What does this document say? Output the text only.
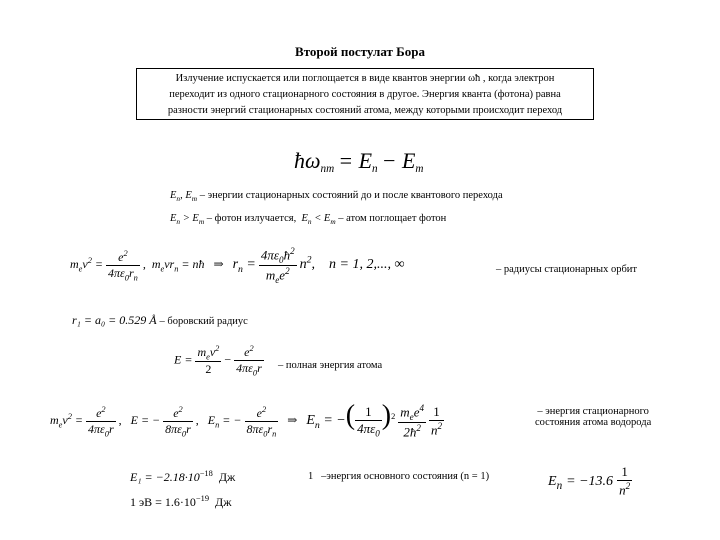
Второй постулат Бора
Излучение испускается или поглощается в виде квантов энергии ωħ , когда электрон
переходит из одного стационарного состояния в другое. Энергия кванта (фотона) равна
разности энергий стационарных состояний атома, между которыми происходит переход
$ħ\omega_{nm} = E_n - E_m$
$E_n$, $E_m$ – энергии стационарных состояний до и после квантового перехода
$E_n > E_m$ – фотон излучается,  $E_n < E_m$ – атом поглощает фотон
$m_ev^2 = \frac{e^2}{4\pi\varepsilon_0r_n}$ ,  $m_evr_n$ = nħ   ⇒   $r_n = \frac{4\pi\varepsilon_0ħ^2}{m_ee^2} n^2$,    n = 1, 2,..., ∞	– радиусы стационарных орбит
r₁ = a₀ = 0.529 Å – боровский радиус
$E = \frac{m_ev^2}{2} - \frac{e^2}{4\pi\varepsilon_0r}$ – полная энергия атома
$m_ev^2 = \frac{e^2}{4\pi\varepsilon_0r}$ ,   E = − $\frac{e^2}{8\pi\varepsilon_0r}$ ,   $E_n$ = − $\frac{e^2}{8\pi\varepsilon_0r_n}$ ⇒   $E_n$ = −( $\frac{1}{4\pi\varepsilon_0} )^2 \frac{m_ee^4}{2ħ^2}$
$\frac{1}{n^2}$	– энергия стационарного
состояния атома водорода
$E_1 = -2.18\cdot 10^{-18}$ Дж	1 –энергия основного состояния (n = 1)
1 эВ = $1.6\cdot 10^{-19}$ Дж
$E_n = -13.6 \frac{1}{n^2}$
